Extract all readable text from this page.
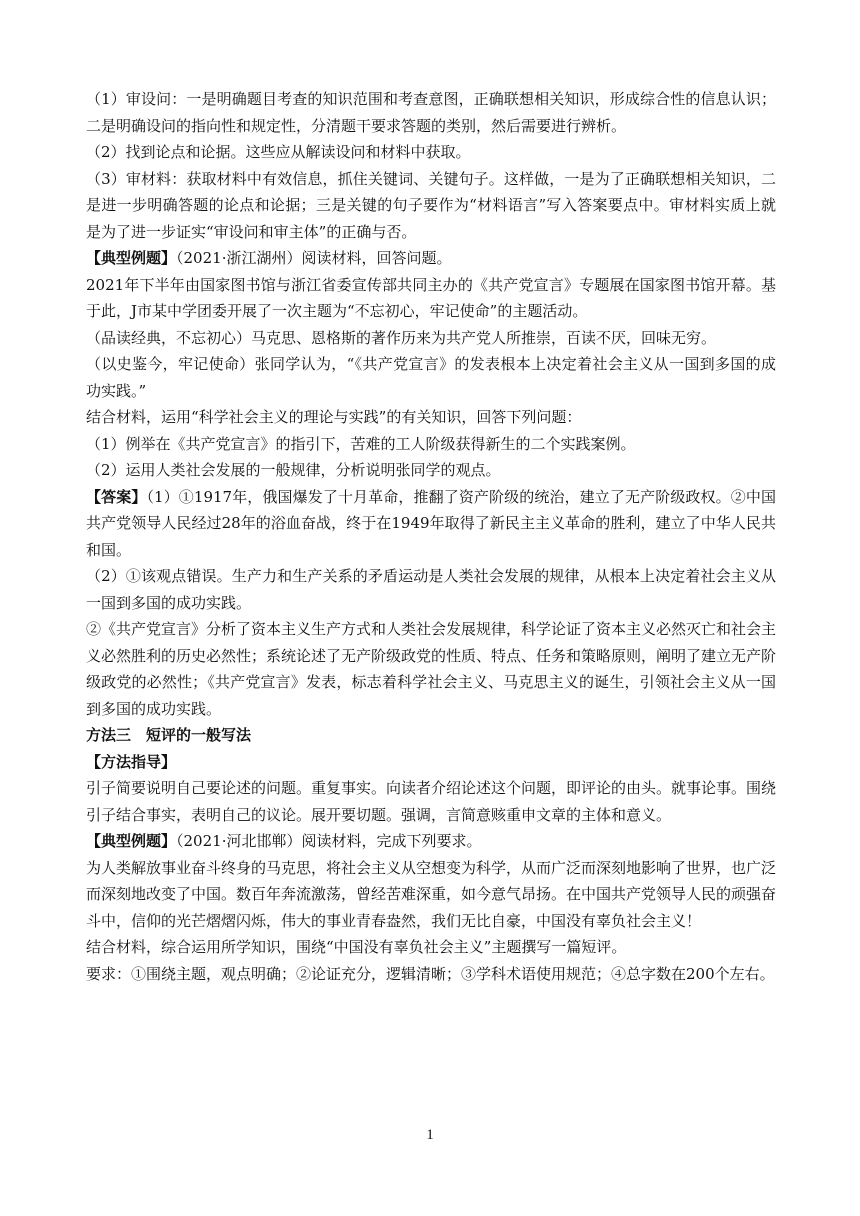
（1）审设问：一是明确题目考查的知识范围和考查意图，正确联想相关知识，形成综合性的信息认识；二是明确设问的指向性和规定性，分清题干要求答题的类别，然后需要进行辨析。

（2）找到论点和论据。这些应从解读设问和材料中获取。

（3）审材料：获取材料中有效信息，抓住关键词、关键句子。这样做，一是为了正确联想相关知识，二是进一步明确答题的论点和论据；三是关键的句子要作为“材料语言”写入答案要点中。审材料实质上就是为了进一步证实“审设问和审主体”的正确与否。

【典型例题】（2021·浙江湖州）阅读材料，回答问题。

2021年下半年由国家图书馆与浙江省委宣传部共同主办的《共产党宣言》专题展在国家图书馆开幕。基于此，J市某中学团委开展了一次主题为“不忘初心，牢记使命”的主题活动。

（品读经典，不忘初心）马克思、恩格斯的著作历来为共产党人所推崇，百读不厌，回味无穷。

（以史鉴今，牢记使命）张同学认为，“《共产党宣言》的发表根本上决定着社会主义从一国到多国的成功实践。”

结合材料，运用“科学社会主义的理论与实践”的有关知识，回答下列问题：

（1）例举在《共产党宣言》的指引下，苦难的工人阶级获得新生的二个实践案例。

（2）运用人类社会发展的一般规律，分析说明张同学的观点。

【答案】（1）①1917年，俄国爆发了十月革命，推翻了资产阶级的统治，建立了无产阶级政权。②中国共产党领导人民经过28年的浴血奋战，终于在1949年取得了新民主主义革命的胜利，建立了中华人民共和国。

（2）①该观点错误。生产力和生产关系的矛盾运动是人类社会发展的规律，从根本上决定着社会主义从一国到多国的成功实践。

②《共产党宣言》分析了资本主义生产方式和人类社会发展规律，科学论证了资本主义必然灭亡和社会主义必然胜利的历史必然性；系统论述了无产阶级政党的性质、特点、任务和策略原则，阐明了建立无产阶级政党的必然性；《共产党宣言》发表，标志着科学社会主义、马克思主义的诞生，引领社会主义从一国到多国的成功实践。

方法三　短评的一般写法

【方法指导】

引子简要说明自己要论述的问题。重复事实。向读者介绍论述这个问题，即评论的由头。就事论事。围绕引子结合事实，表明自己的议论。展开要切题。强调，言简意赅重申文章的主体和意义。

【典型例题】（2021·河北邯郸）阅读材料，完成下列要求。

为人类解放事业奋斗终身的马克思，将社会主义从空想变为科学，从而广泛而深刻地影响了世界，也广泛而深刻地改变了中国。数百年奔流激荡，曾经苦难深重，如今意气昂扬。在中国共产党领导人民的顽强奋斗中，信仰的光芒熠熠闪烁，伟大的事业青春盎然，我们无比自豪，中国没有辜负社会主义！

结合材料，综合运用所学知识，围绕“中国没有辜负社会主义”主题撰写一篇短评。

要求：①围绕主题，观点明确；②论证充分，逻辑清晰；③学科术语使用规范；④总字数在200个左右。

1
